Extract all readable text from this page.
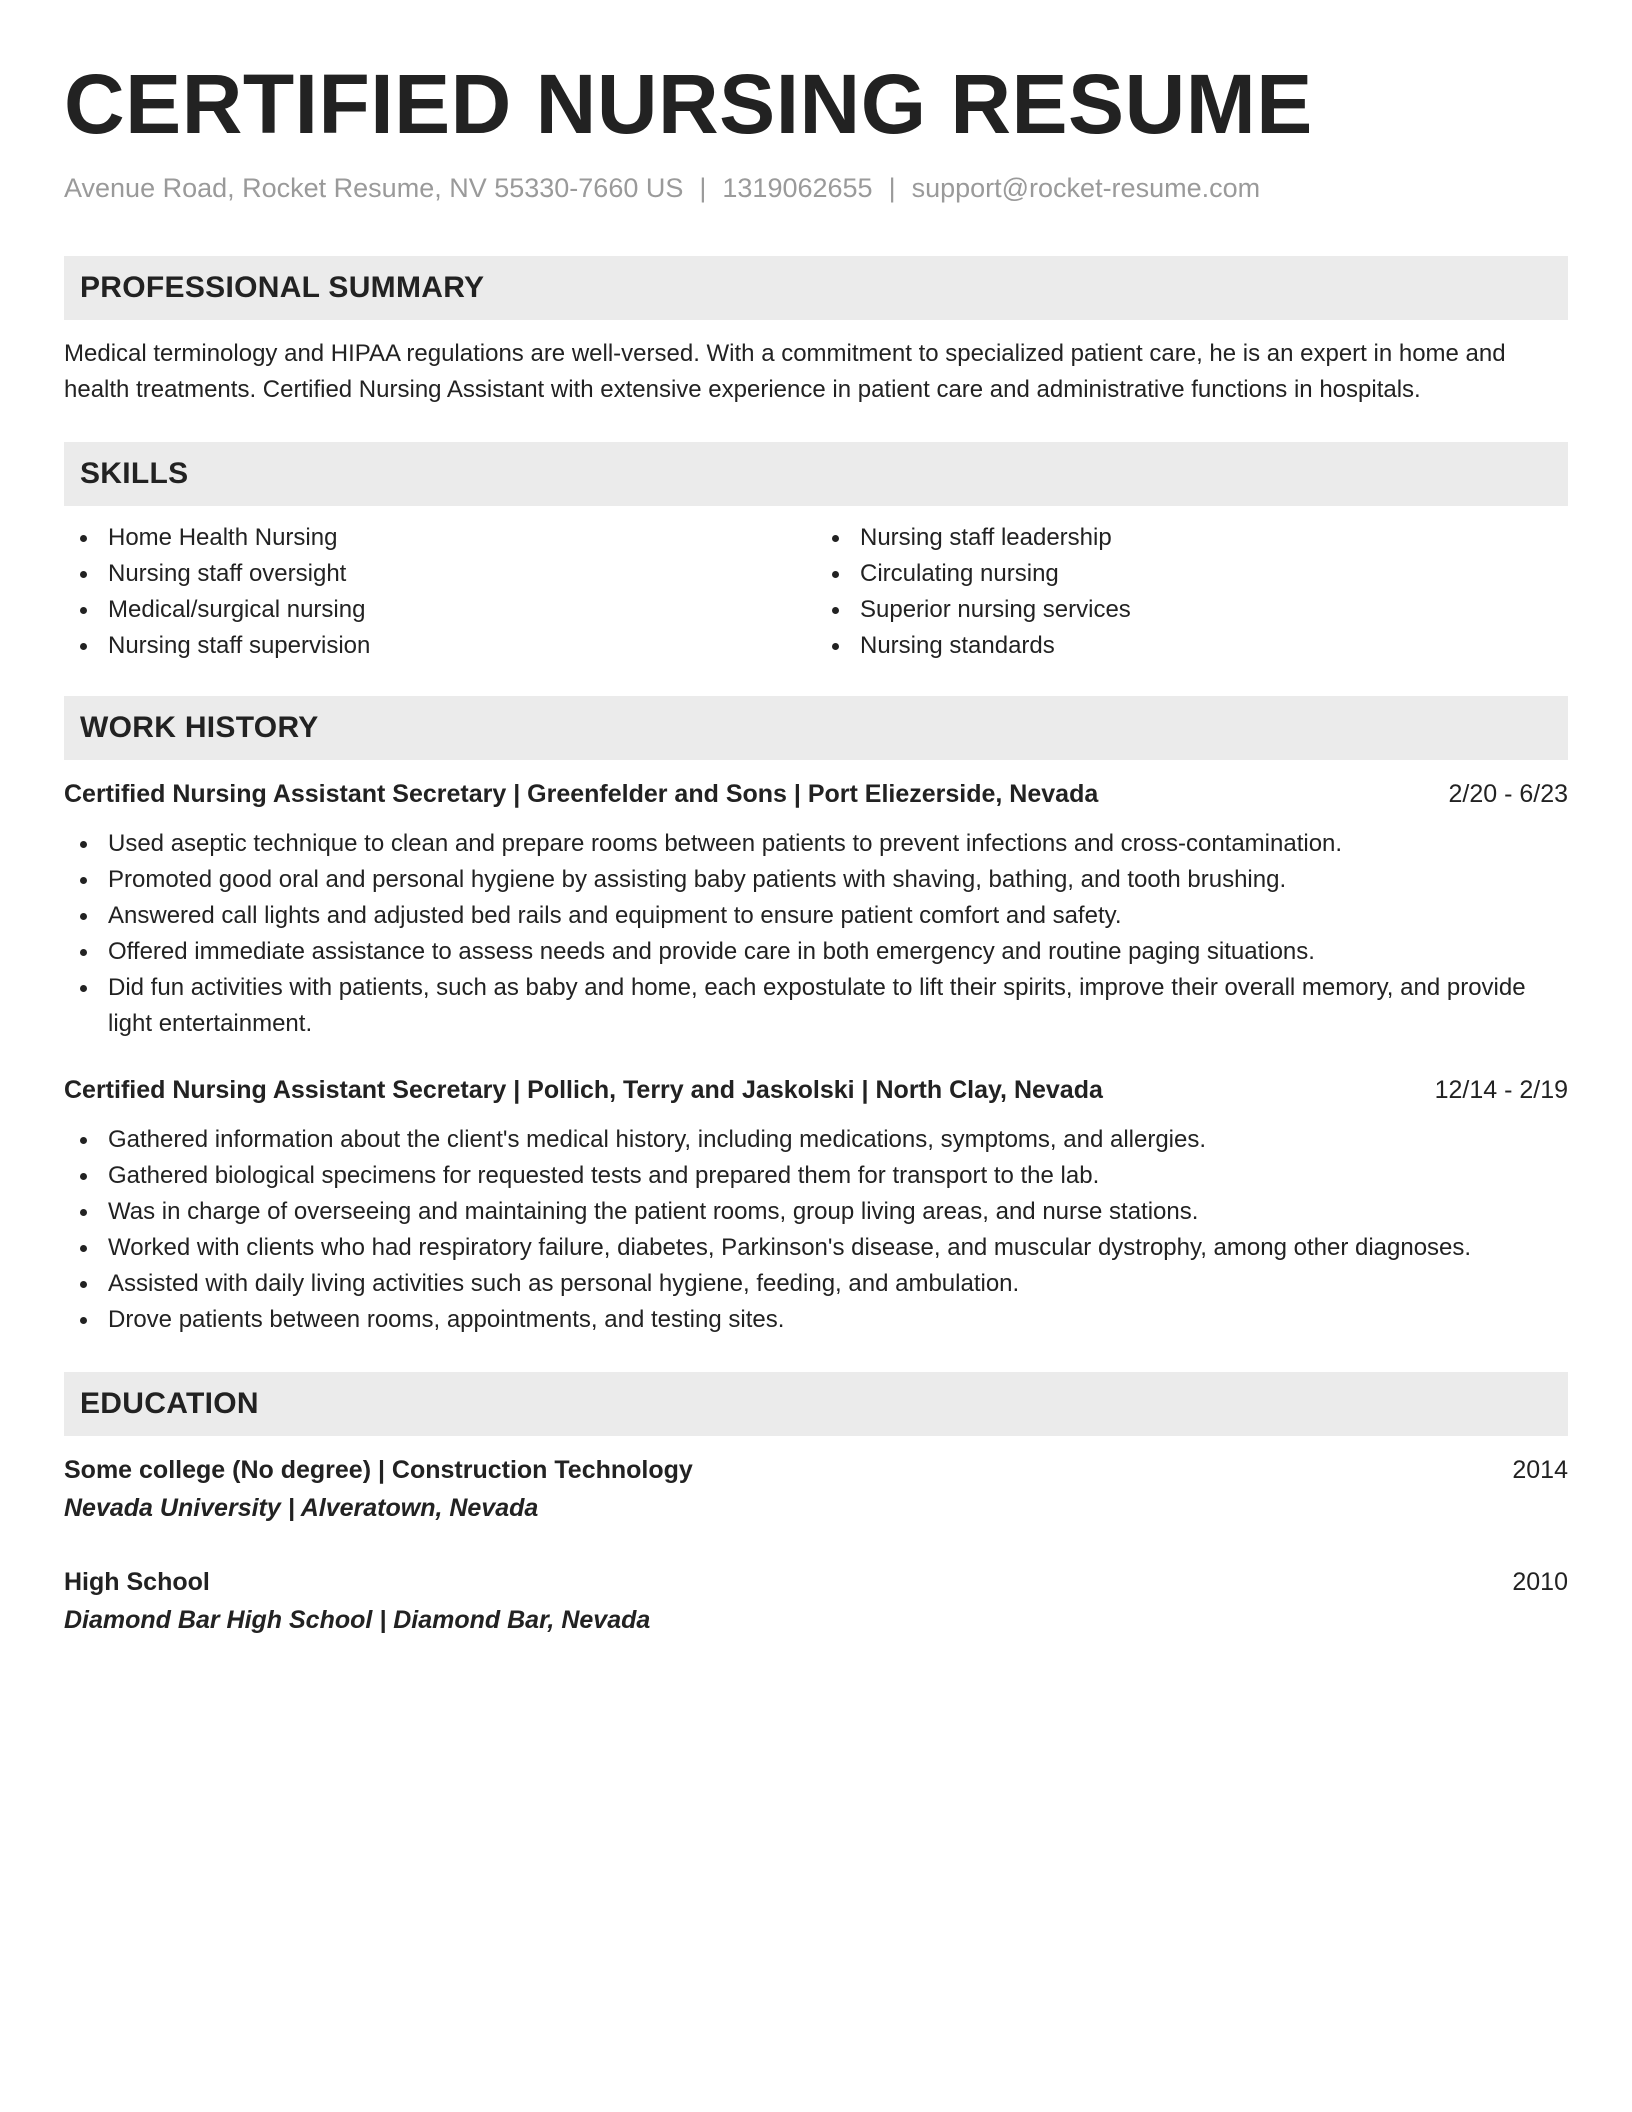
CERTIFIED NURSING RESUME
Avenue Road, Rocket Resume, NV 55330-7660 US | 1319062655 | support@rocket-resume.com
PROFESSIONAL SUMMARY

Medical terminology and HIPAA regulations are well-versed. With a commitment to specialized patient care, he is an expert in home and health treatments. Certified Nursing Assistant with extensive experience in patient care and administrative functions in hospitals.

SKILLS
Home Health Nursing
Nursing staff oversight
Medical/surgical nursing
Nursing staff supervision
Nursing staff leadership
Circulating nursing
Superior nursing services
Nursing standards
WORK HISTORY
Certified Nursing Assistant Secretary | Greenfelder and Sons | Port Eliezerside, Nevada	2/20 - 6/23
Used aseptic technique to clean and prepare rooms between patients to prevent infections and cross-contamination.
Promoted good oral and personal hygiene by assisting baby patients with shaving, bathing, and tooth brushing.
Answered call lights and adjusted bed rails and equipment to ensure patient comfort and safety.
Offered immediate assistance to assess needs and provide care in both emergency and routine paging situations.
Did fun activities with patients, such as baby and home, each expostulate to lift their spirits, improve their overall memory, and provide light entertainment.
Certified Nursing Assistant Secretary | Pollich, Terry and Jaskolski | North Clay, Nevada	12/14 - 2/19
Gathered information about the client's medical history, including medications, symptoms, and allergies.
Gathered biological specimens for requested tests and prepared them for transport to the lab.
Was in charge of overseeing and maintaining the patient rooms, group living areas, and nurse stations.
Worked with clients who had respiratory failure, diabetes, Parkinson's disease, and muscular dystrophy, among other diagnoses.
Assisted with daily living activities such as personal hygiene, feeding, and ambulation.
Drove patients between rooms, appointments, and testing sites.
EDUCATION
Some college (No degree) | Construction Technology	2014
Nevada University | Alveratown, Nevada
High School	2010
Diamond Bar High School | Diamond Bar, Nevada
